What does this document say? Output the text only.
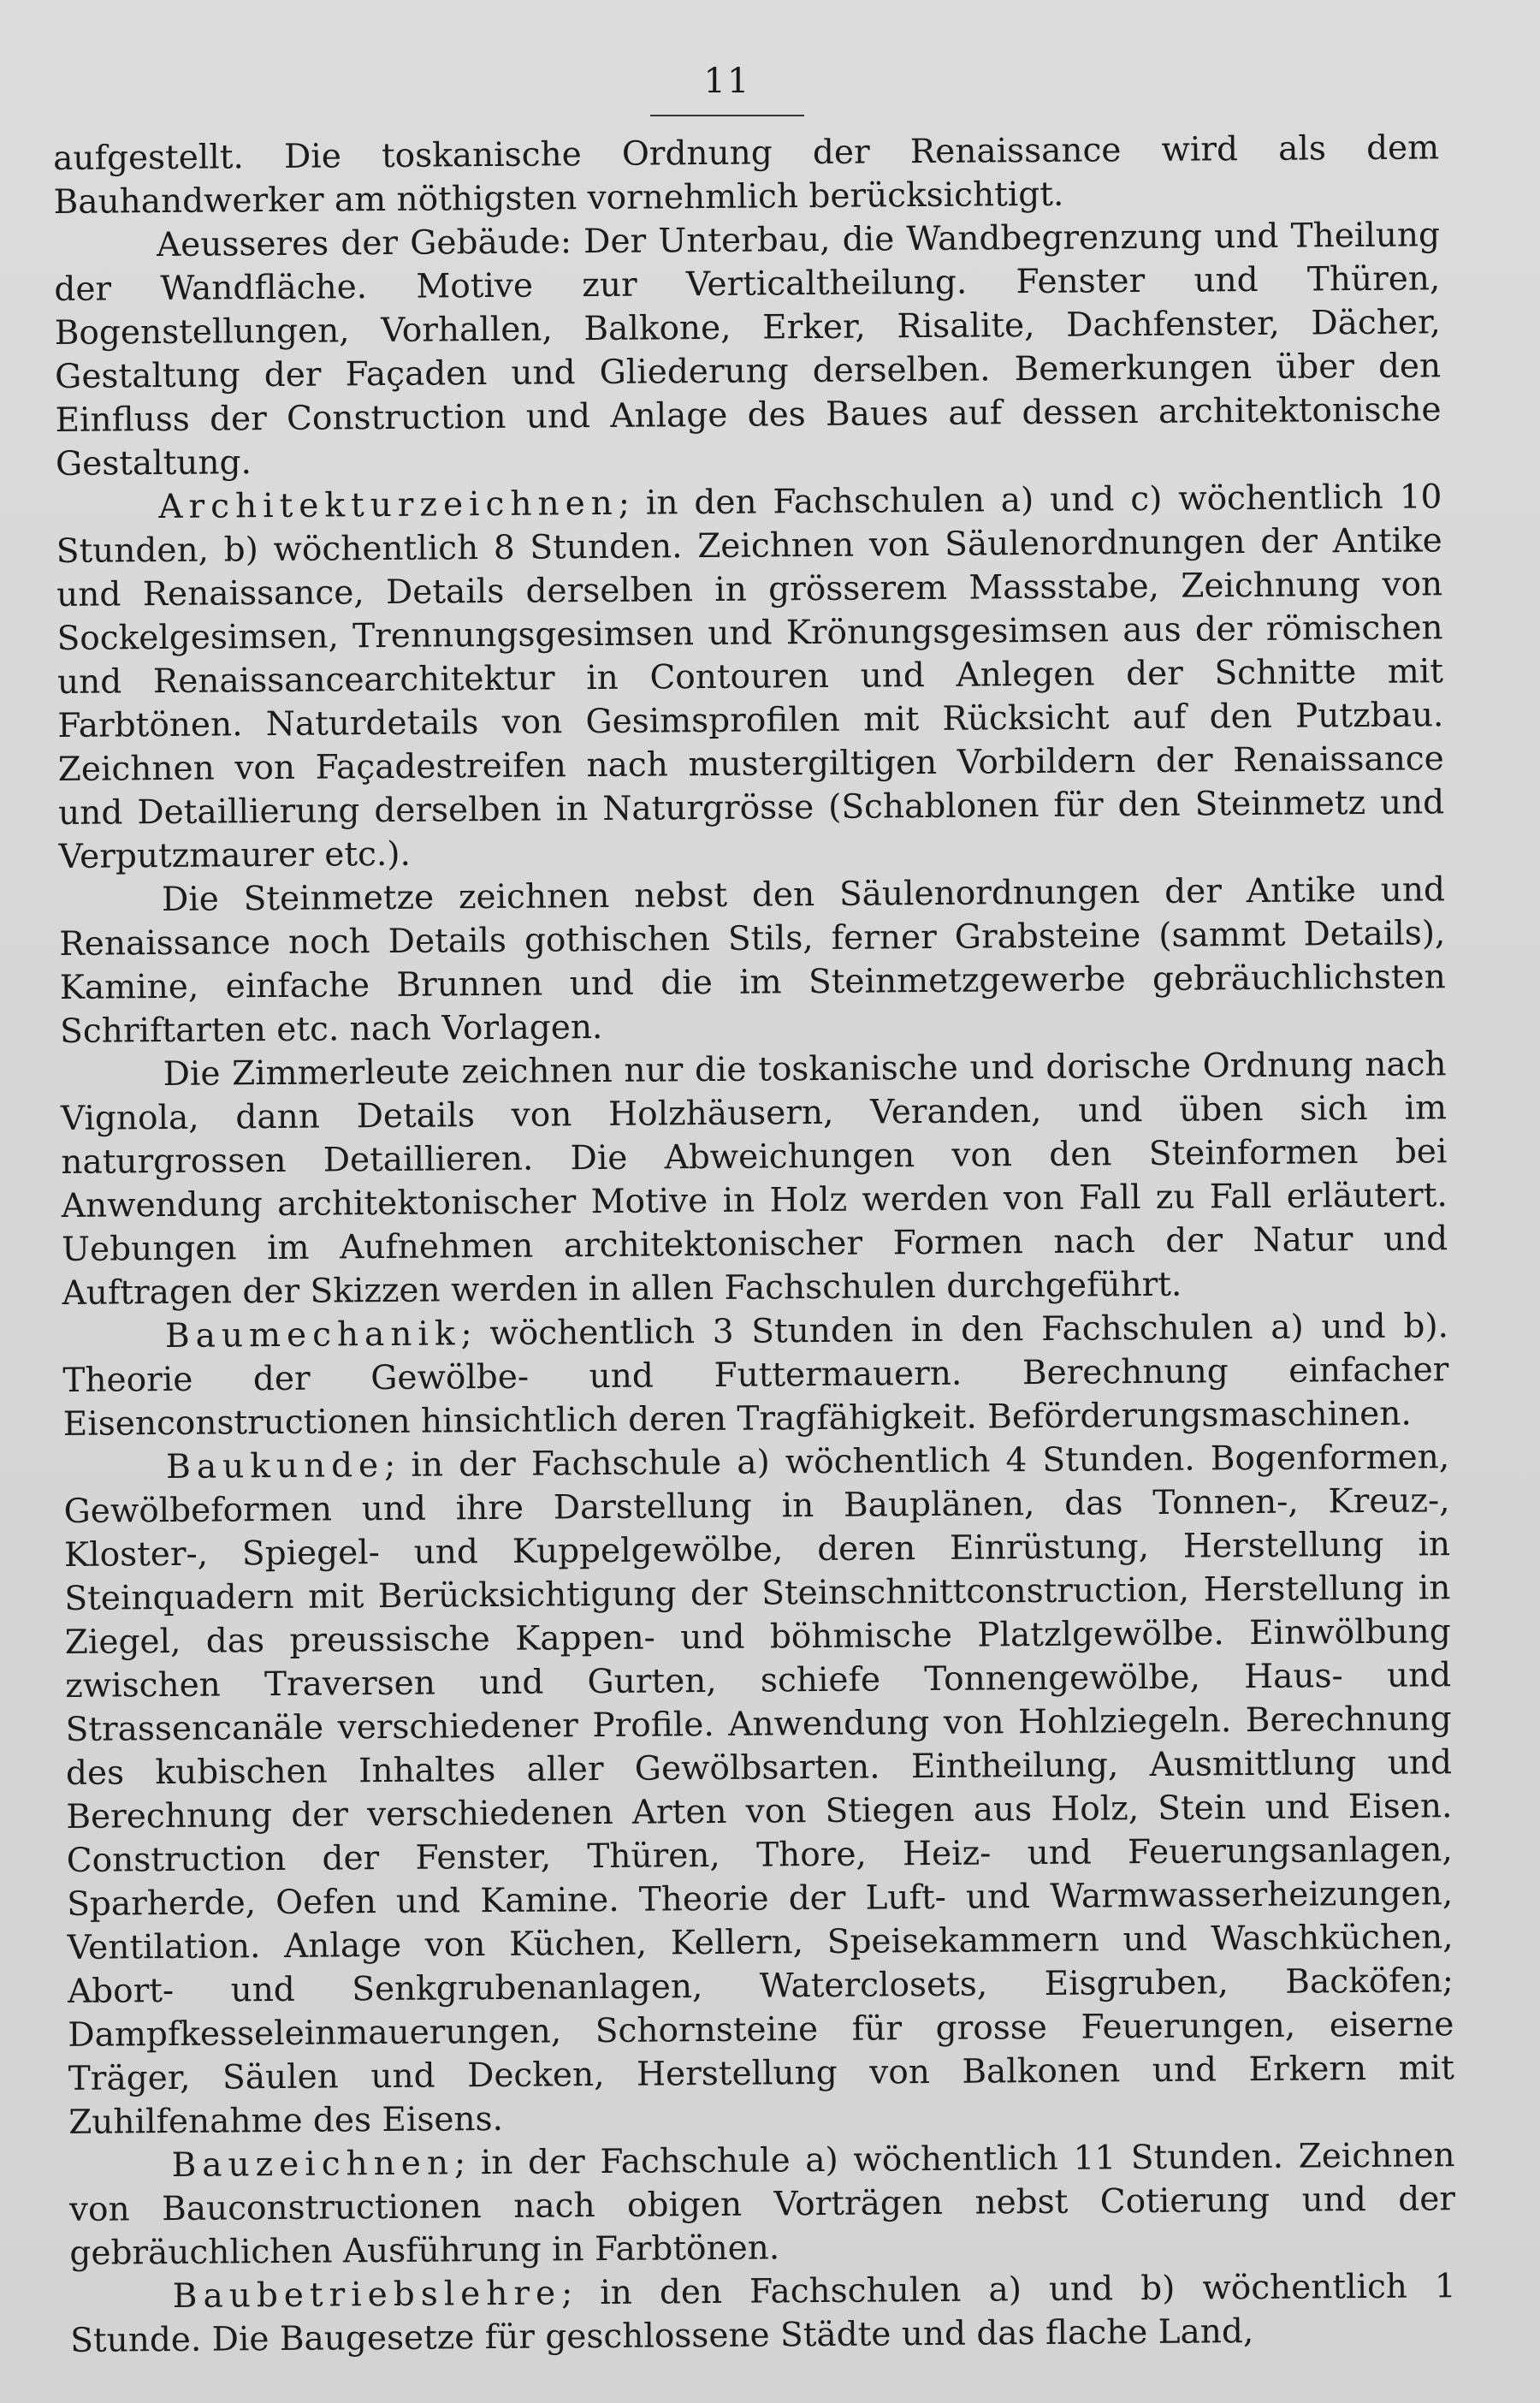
11

aufgestellt. Die toskanische Ordnung der Renaissance wird als dem Bauhandwerker am nöthigsten vornehmlich berücksichtigt.

Aeusseres der Gebäude: Der Unterbau, die Wandbegrenzung und Theilung der Wandfläche. Motive zur Verticaltheilung. Fenster und Thüren, Bogenstellungen, Vorhallen, Balkone, Erker, Risalite, Dachfenster, Dächer, Gestaltung der Façaden und Gliederung derselben. Bemerkungen über den Einfluss der Construction und Anlage des Baues auf dessen architektonische Gestaltung.

Architekturzeichnen; in den Fachschulen a) und c) wöchentlich 10 Stunden, b) wöchentlich 8 Stunden. Zeichnen von Säulenordnungen der Antike und Renaissance, Details derselben in grösserem Massstabe, Zeichnung von Sockelgesimsen, Trennungsgesimsen und Krönungsgesimsen aus der römischen und Renaissancearchitektur in Contouren und Anlegen der Schnitte mit Farbtönen. Naturdetails von Gesimsprofilen mit Rücksicht auf den Putzbau. Zeichnen von Façadestreifen nach mustergiltigen Vorbildern der Renaissance und Detaillierung derselben in Naturgrösse (Schablonen für den Steinmetz und Verputzmaurer etc.).

Die Steinmetze zeichnen nebst den Säulenordnungen der Antike und Renaissance noch Details gothischen Stils, ferner Grabsteine (sammt Details), Kamine, einfache Brunnen und die im Steinmetzgewerbe gebräuchlichsten Schriftarten etc. nach Vorlagen.

Die Zimmerleute zeichnen nur die toskanische und dorische Ordnung nach Vignola, dann Details von Holzhäusern, Veranden, und üben sich im naturgrossen Detaillieren. Die Abweichungen von den Steinformen bei Anwendung architektonischer Motive in Holz werden von Fall zu Fall erläutert. Uebungen im Aufnehmen architektonischer Formen nach der Natur und Auftragen der Skizzen werden in allen Fachschulen durchgeführt.

Baumechanik; wöchentlich 3 Stunden in den Fachschulen a) und b). Theorie der Gewölbe- und Futtermauern. Berechnung einfacher Eisenconstructionen hinsichtlich deren Tragfähigkeit. Beförderungsmaschinen.

Baukunde; in der Fachschule a) wöchentlich 4 Stunden. Bogenformen, Gewölbeformen und ihre Darstellung in Bauplänen, das Tonnen-, Kreuz-, Kloster-, Spiegel- und Kuppelgewölbe, deren Einrüstung, Herstellung in Steinquadern mit Berücksichtigung der Steinschnittconstruction, Herstellung in Ziegel, das preussische Kappen- und böhmische Platzlgewölbe. Einwölbung zwischen Traversen und Gurten, schiefe Tonnengewölbe, Haus- und Strassencanäle verschiedener Profile. Anwendung von Hohlziegeln. Berechnung des kubischen Inhaltes aller Gewölbsarten. Eintheilung, Ausmittlung und Berechnung der verschiedenen Arten von Stiegen aus Holz, Stein und Eisen. Construction der Fenster, Thüren, Thore, Heiz- und Feuerungsanlagen, Sparherde, Oefen und Kamine. Theorie der Luft- und Warmwasserheizungen, Ventilation. Anlage von Küchen, Kellern, Speisekammern und Waschküchen, Abort- und Senkgrubenanlagen, Waterclosets, Eisgruben, Backöfen; Dampfkesseleinmauerungen, Schornsteine für grosse Feuerungen, eiserne Träger, Säulen und Decken, Herstellung von Balkonen und Erkern mit Zuhilfenahme des Eisens.

Bauzeichnen; in der Fachschule a) wöchentlich 11 Stunden. Zeichnen von Bauconstructionen nach obigen Vorträgen nebst Cotierung und der gebräuchlichen Ausführung in Farbtönen.

Baubetriebslehre; in den Fachschulen a) und b) wöchentlich 1 Stunde. Die Baugesetze für geschlossene Städte und das flache Land,
